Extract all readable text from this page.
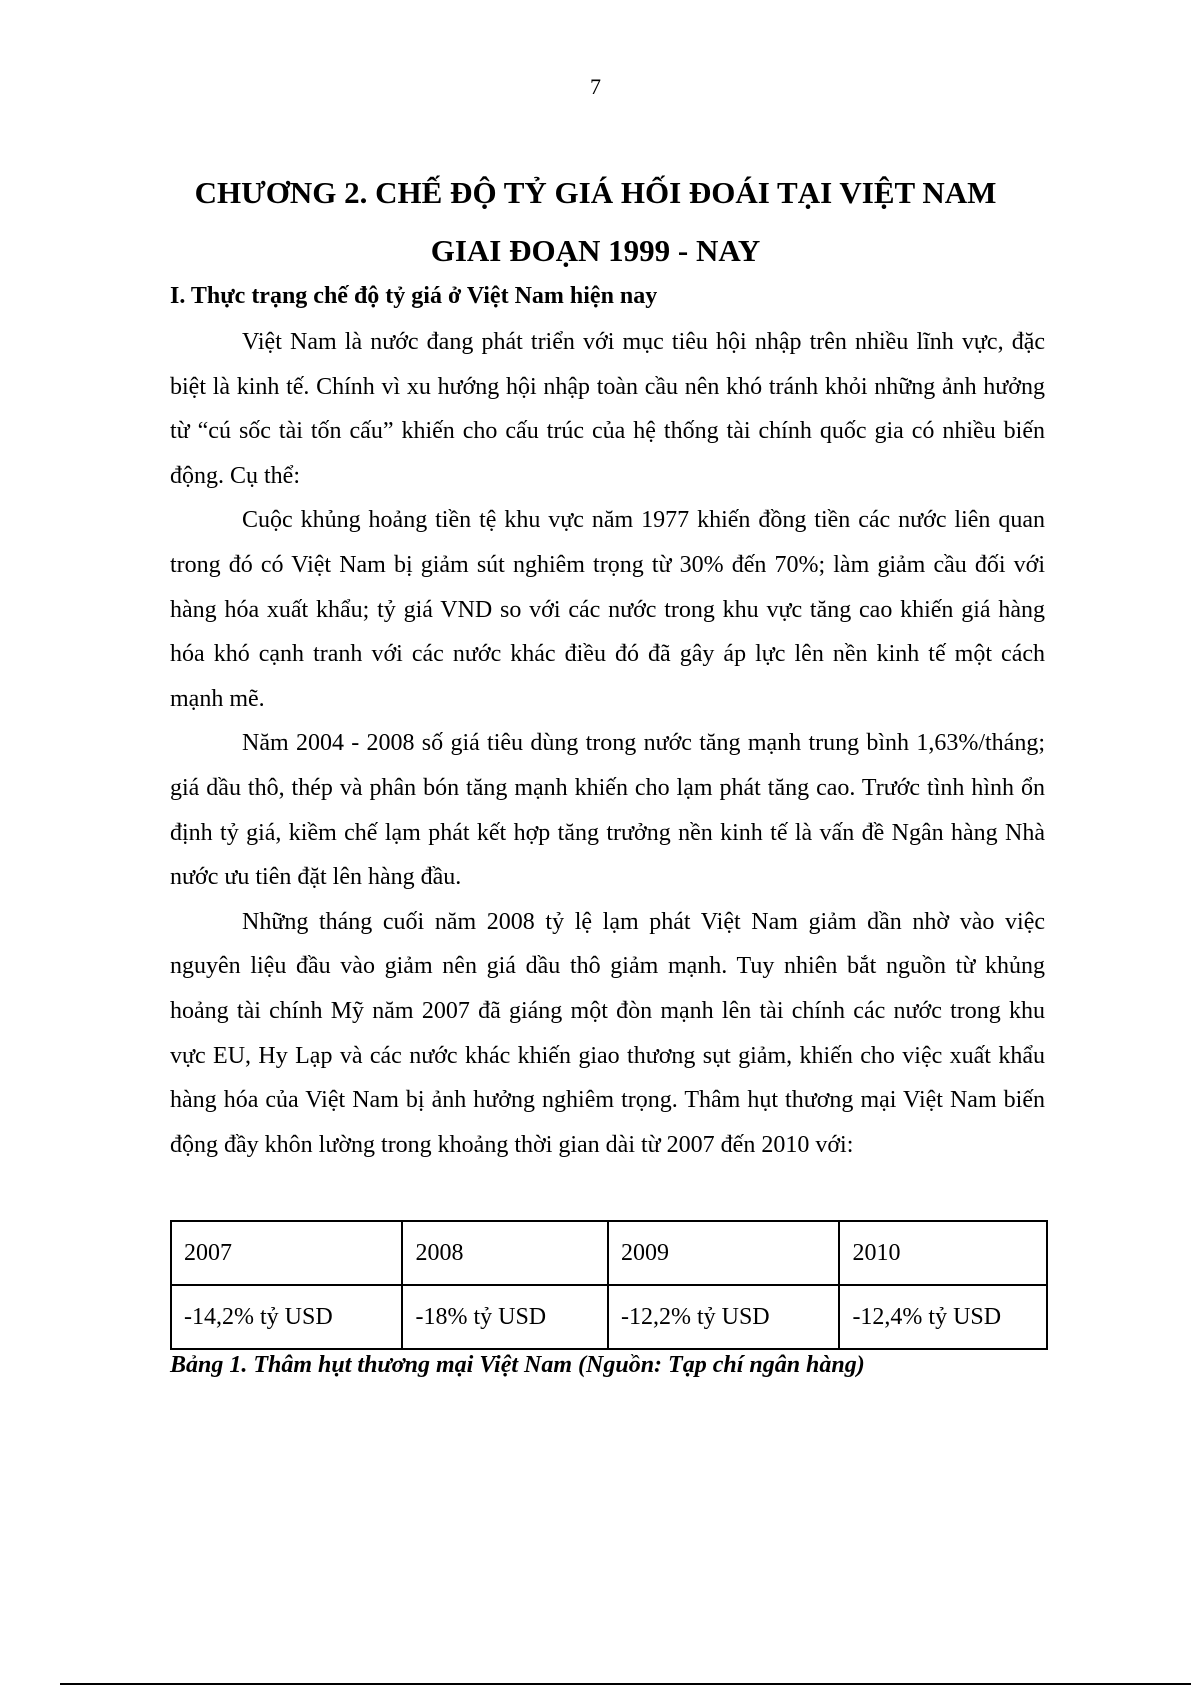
7
CHƯƠNG 2. CHẾ ĐỘ TỶ GIÁ HỐI ĐOÁI TẠI VIỆT NAM
GIAI ĐOẠN 1999 - NAY
I. Thực trạng chế độ tỷ giá ở Việt Nam hiện nay

Việt Nam là nước đang phát triển với mục tiêu hội nhập trên nhiều lĩnh vực, đặc biệt là kinh tế. Chính vì xu hướng hội nhập toàn cầu nên khó tránh khỏi những ảnh hưởng từ “cú sốc tài tốn cấu” khiến cho cấu trúc của hệ thống tài chính quốc gia có nhiều biến động. Cụ thể:

Cuộc khủng hoảng tiền tệ khu vực năm 1977 khiến đồng tiền các nước liên quan trong đó có Việt Nam bị giảm sút nghiêm trọng từ 30% đến 70%; làm giảm cầu đối với hàng hóa xuất khẩu; tỷ giá VND so với các nước trong khu vực tăng cao khiến giá hàng hóa khó cạnh tranh với các nước khác điều đó đã gây áp lực lên nền kinh tế một cách mạnh mẽ.

Năm 2004 - 2008 số giá tiêu dùng trong nước tăng mạnh trung bình 1,63%/tháng; giá dầu thô, thép và phân bón tăng mạnh khiến cho lạm phát tăng cao. Trước tình hình ổn định tỷ giá, kiềm chế lạm phát kết hợp tăng trưởng nền kinh tế là vấn đề Ngân hàng Nhà nước ưu tiên đặt lên hàng đầu.

Những tháng cuối năm 2008 tỷ lệ lạm phát Việt Nam giảm dần nhờ vào việc nguyên liệu đầu vào giảm nên giá dầu thô giảm mạnh. Tuy nhiên bắt nguồn từ khủng hoảng tài chính Mỹ năm 2007 đã giáng một đòn mạnh lên tài chính các nước trong khu vực EU, Hy Lạp và các nước khác khiến giao thương sụt giảm, khiến cho việc xuất khẩu hàng hóa của Việt Nam bị ảnh hưởng nghiêm trọng. Thâm hụt thương mại Việt Nam biến động đầy khôn lường trong khoảng thời gian dài từ 2007 đến 2010 với:

2007	2008	2009	2010
-14,2% tỷ USD	-18% tỷ USD	-12,2% tỷ USD	-12,4% tỷ USD

Bảng 1. Thâm hụt thương mại Việt Nam (Nguồn: Tạp chí ngân hàng)
